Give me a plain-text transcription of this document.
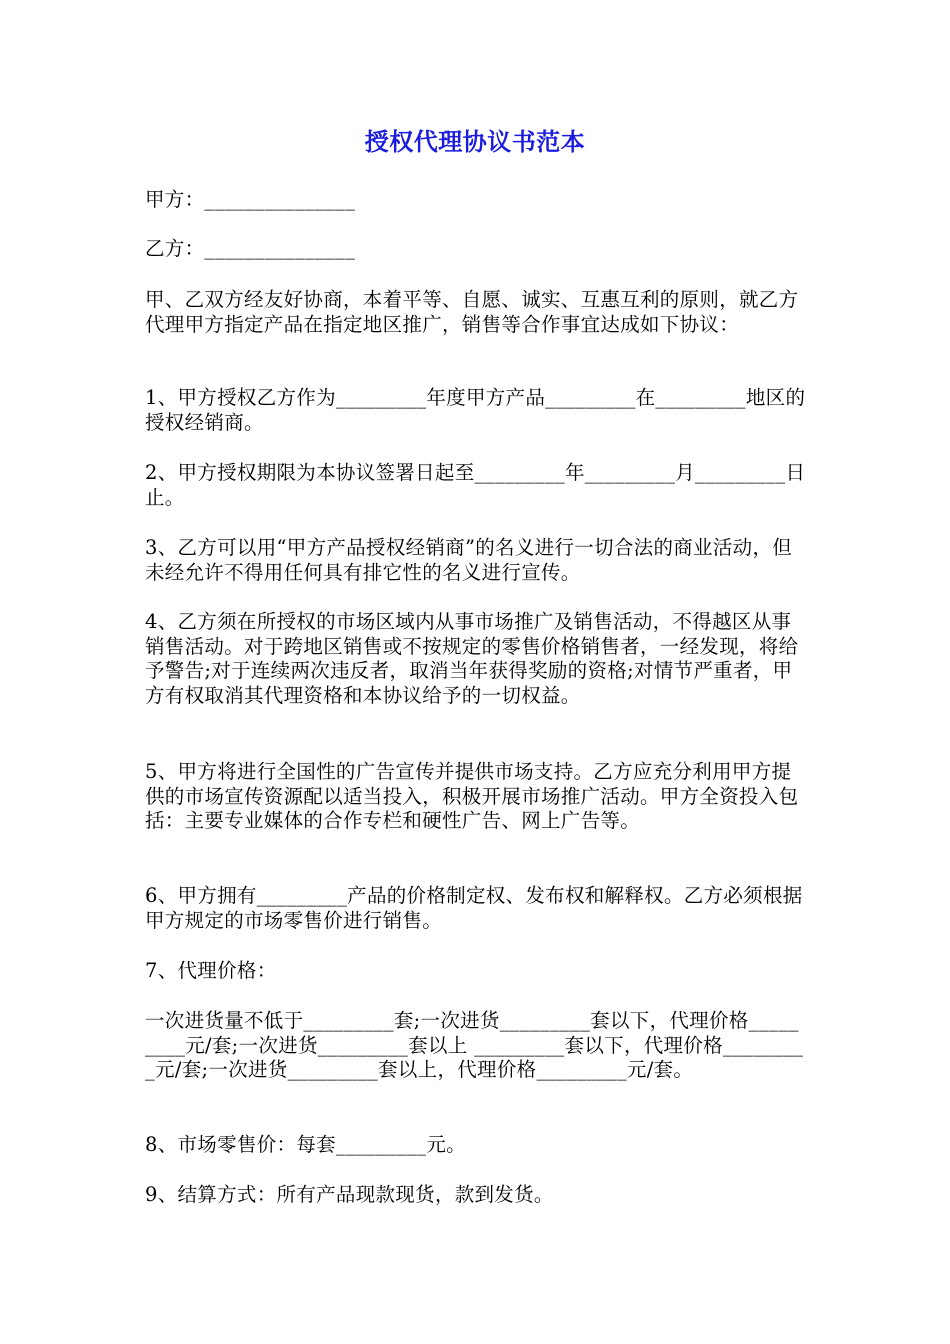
授权代理协议书范本

甲方：_______________

乙方：_______________

甲、乙双方经友好协商，本着平等、自愿、诚实、互惠互利的原则，就乙方代理甲方指定产品在指定地区推广，销售等合作事宜达成如下协议：

1、甲方授权乙方作为_________年度甲方产品_________在_________地区的授权经销商。

2、甲方授权期限为本协议签署日起至_________年_________月_________日止。

3、乙方可以用“甲方产品授权经销商”的名义进行一切合法的商业活动，但未经允许不得用任何具有排它性的名义进行宣传。

4、乙方须在所授权的市场区域内从事市场推广及销售活动，不得越区从事销售活动。对于跨地区销售或不按规定的零售价格销售者，一经发现，将给予警告;对于连续两次违反者，取消当年获得奖励的资格;对情节严重者，甲方有权取消其代理资格和本协议给予的一切权益。

5、甲方将进行全国性的广告宣传并提供市场支持。乙方应充分利用甲方提供的市场宣传资源配以适当投入，积极开展市场推广活动。甲方全资投入包括：主要专业媒体的合作专栏和硬性广告、网上广告等。

6、甲方拥有_________产品的价格制定权、发布权和解释权。乙方必须根据甲方规定的市场零售价进行销售。

7、代理价格：

一次进货量不低于_________套;一次进货_________套以下，代理价格_________元/套;一次进货_________套以上 _________套以下，代理价格_________元/套;一次进货_________套以上，代理价格_________元/套。

8、市场零售价：每套_________元。

9、结算方式：所有产品现款现货，款到发货。
